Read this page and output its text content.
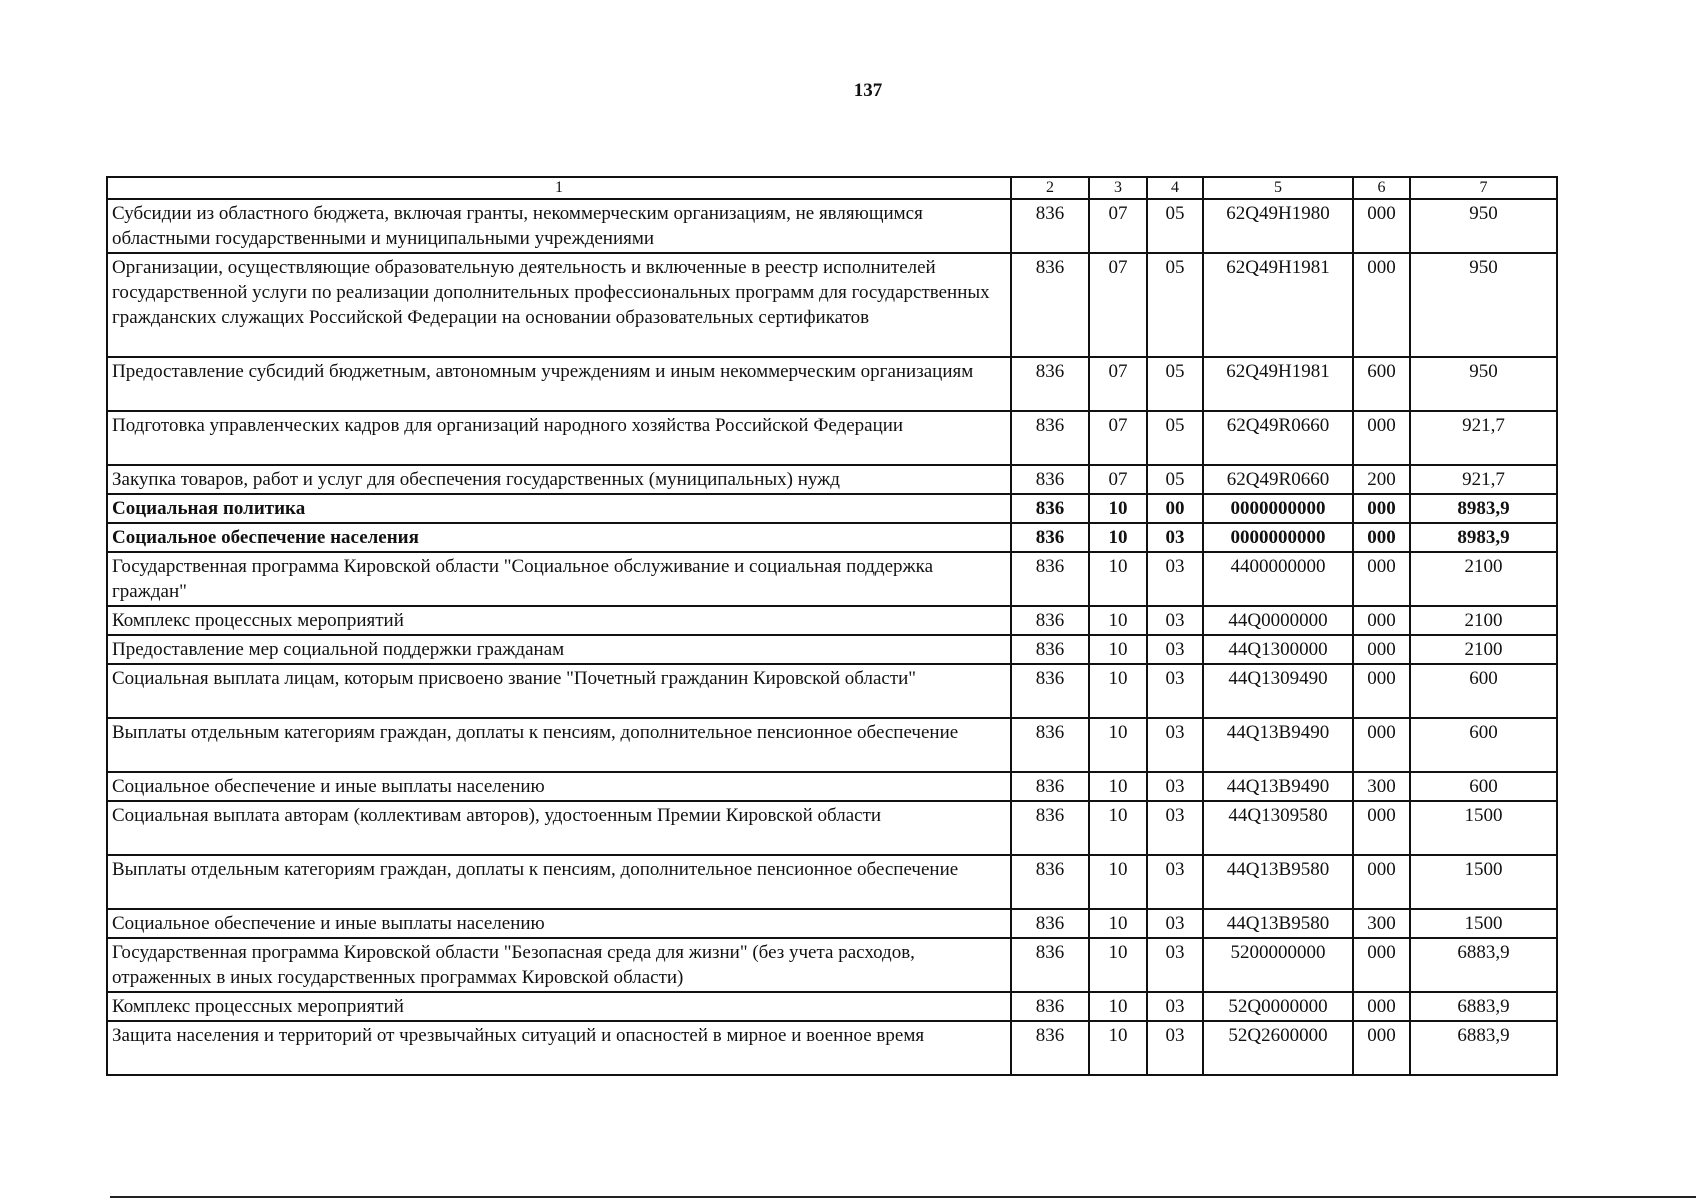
137
1	2	3	4	5	6	7
Субсидии из областного бюджета, включая гранты, некоммерческим организациям, не являющимся областными государственными и муниципальными учреждениями	836	07	05	62Q49H1980	000	950
Организации, осуществляющие образовательную деятельность и включенные в реестр исполнителей государственной услуги по реализации дополнительных профессиональных программ для государственных гражданских служащих Российской Федерации на основании образовательных сертификатов	836	07	05	62Q49H1981	000	950
Предоставление субсидий бюджетным, автономным учреждениям и иным некоммерческим организациям	836	07	05	62Q49H1981	600	950
Подготовка управленческих кадров для организаций народного хозяйства Российской Федерации	836	07	05	62Q49R0660	000	921,7
Закупка товаров, работ и услуг для обеспечения государственных (муниципальных) нужд	836	07	05	62Q49R0660	200	921,7
Социальная политика	836	10	00	0000000000	000	8983,9
Социальное обеспечение населения	836	10	03	0000000000	000	8983,9
Государственная программа Кировской области "Социальное обслуживание и социальная поддержка граждан"	836	10	03	4400000000	000	2100
Комплекс процессных мероприятий	836	10	03	44Q0000000	000	2100
Предоставление мер социальной поддержки гражданам	836	10	03	44Q1300000	000	2100
Социальная выплата лицам, которым присвоено звание "Почетный гражданин Кировской области"	836	10	03	44Q1309490	000	600
Выплаты отдельным категориям граждан, доплаты к пенсиям, дополнительное пенсионное обеспечение	836	10	03	44Q13B9490	000	600
Социальное обеспечение и иные выплаты населению	836	10	03	44Q13B9490	300	600
Социальная выплата авторам (коллективам авторов), удостоенным Премии Кировской области	836	10	03	44Q1309580	000	1500
Выплаты отдельным категориям граждан, доплаты к пенсиям, дополнительное пенсионное обеспечение	836	10	03	44Q13B9580	000	1500
Социальное обеспечение и иные выплаты населению	836	10	03	44Q13B9580	300	1500
Государственная программа Кировской области "Безопасная среда для жизни" (без учета расходов, отраженных в иных государственных программах Кировской области)	836	10	03	5200000000	000	6883,9
Комплекс процессных мероприятий	836	10	03	52Q0000000	000	6883,9
Защита населения и территорий от чрезвычайных ситуаций и опасностей в мирное и военное время	836	10	03	52Q2600000	000	6883,9
